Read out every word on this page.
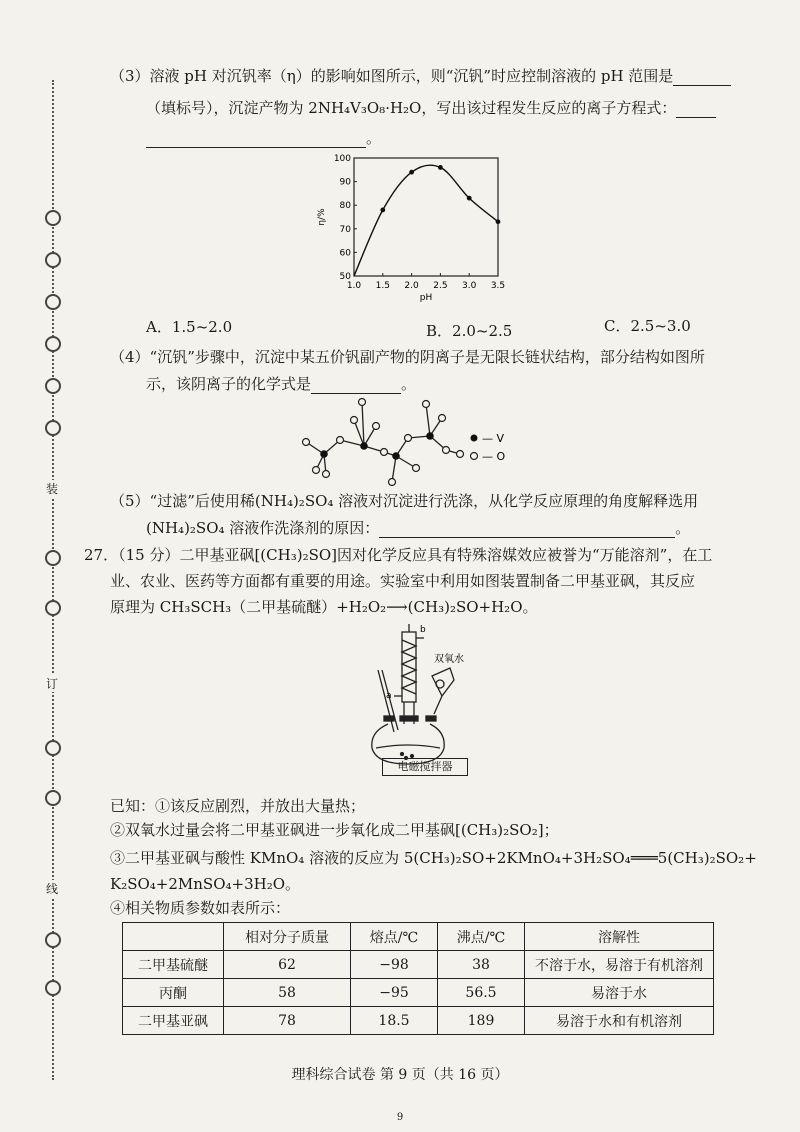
装
订
线
（3）溶液 pH 对沉钒率（η）的影响如图所示，则“沉钒”时应控制溶液的 pH 范围是
（填标号），沉淀产物为 2NH₄V₃O₈·H₂O，写出该过程发生反应的离子方程式：
。
1.0 1.5 2.0 2.5 3.0 3.5
50
60
70
80
90
100
pH
η/%
A．1.5~2.0	B．2.0~2.5	C．2.5~3.0
（4）“沉钒”步骤中，沉淀中某五价钒副产物的阴离子是无限长链状结构，部分结构如图所
示，该阴离子的化学式是	。
— V
— O
（5）“过滤”后使用稀(NH₄)₂SO₄ 溶液对沉淀进行洗涤，从化学反应原理的角度解释选用
(NH₄)₂SO₄ 溶液作洗涤剂的原因：	。
27．（15 分）二甲基亚砜[(CH₃)₂SO]因对化学反应具有特殊溶媒效应被誉为“万能溶剂”，在工
业、农业、医药等方面都有重要的用途。实验室中利用如图装置制备二甲基亚砜，其反应
原理为 CH₃SCH₃（二甲基硫醚）+H₂O₂⟶(CH₃)₂SO+H₂O。
b
a
双氧水
电磁搅拌器
已知：①该反应剧烈，并放出大量热；
②双氧水过量会将二甲基亚砜进一步氧化成二甲基砜[(CH₃)₂SO₂]；
③二甲基亚砜与酸性 KMnO₄ 溶液的反应为 5(CH₃)₂SO+2KMnO₄+3H₂SO₄═══5(CH₃)₂SO₂+
K₂SO₄+2MnSO₄+3H₂O。
④相关物质参数如表所示：
	相对分子质量	熔点/℃	沸点/℃	溶解性
二甲基硫醚	62	−98	38	不溶于水，易溶于有机溶剂
丙酮	58	−95	56.5	易溶于水
二甲基亚砜	78	18.5	189	易溶于水和有机溶剂
理科综合试卷 第 9 页（共 16 页）
9
